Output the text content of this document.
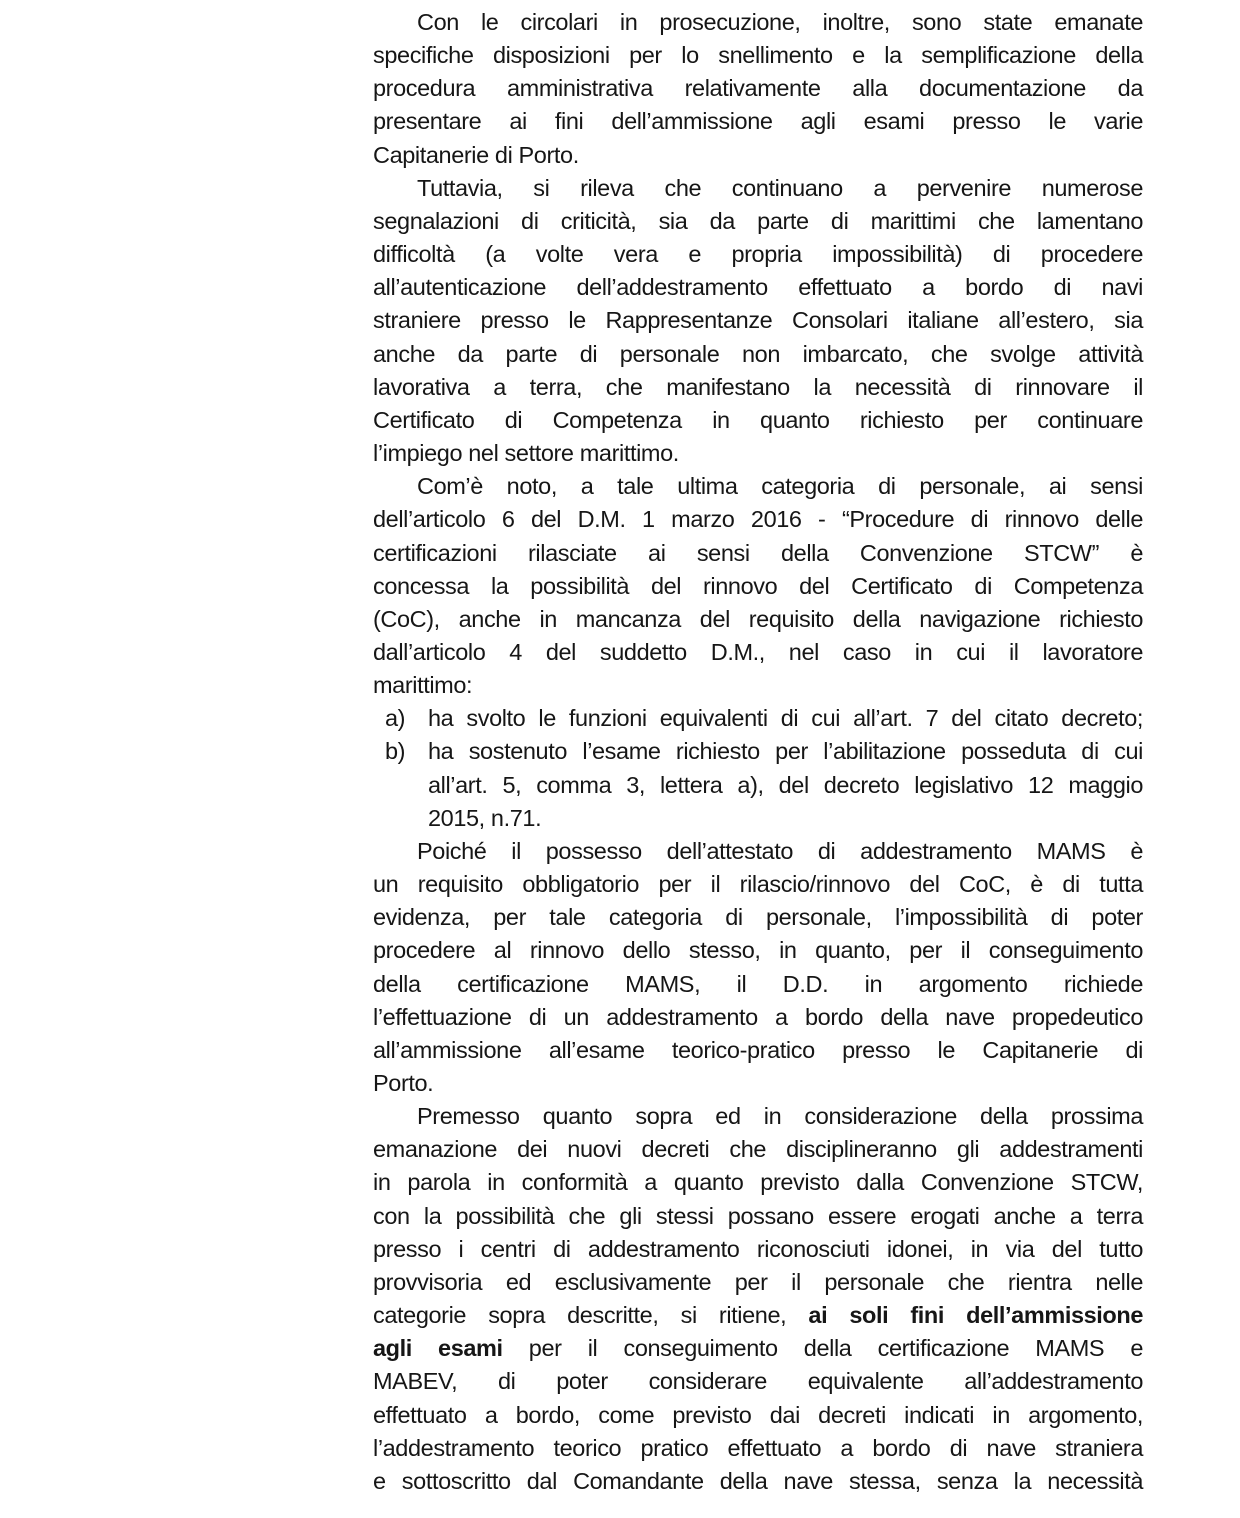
Con le circolari in prosecuzione, inoltre, sono state emanate
specifiche disposizioni per lo snellimento e la semplificazione della
procedura amministrativa relativamente alla documentazione da
presentare ai fini dell’ammissione agli esami presso le varie
Capitanerie di Porto.
Tuttavia, si rileva che continuano a pervenire numerose
segnalazioni di criticità, sia da parte di marittimi che lamentano
difficoltà (a volte vera e propria impossibilità) di procedere
all’autenticazione dell’addestramento effettuato a bordo di navi
straniere presso le Rappresentanze Consolari italiane all’estero, sia
anche da parte di personale non imbarcato, che svolge attività
lavorativa a terra, che manifestano la necessità di rinnovare il
Certificato di Competenza in quanto richiesto per continuare
l’impiego nel settore marittimo.
Com’è noto, a tale ultima categoria di personale, ai sensi
dell’articolo 6 del D.M. 1 marzo 2016 - “Procedure di rinnovo delle
certificazioni rilasciate ai sensi della Convenzione STCW” è
concessa la possibilità del rinnovo del Certificato di Competenza
(CoC), anche in mancanza del requisito della navigazione richiesto
dall’articolo 4 del suddetto D.M., nel caso in cui il lavoratore
marittimo:
a) ha svolto le funzioni equivalenti di cui all’art. 7 del citato decreto;
b) ha sostenuto l’esame richiesto per l’abilitazione posseduta di cui
all’art. 5, comma 3, lettera a), del decreto legislativo 12 maggio
2015, n.71.
Poiché il possesso dell’attestato di addestramento MAMS è
un requisito obbligatorio per il rilascio/rinnovo del CoC, è di tutta
evidenza, per tale categoria di personale, l’impossibilità di poter
procedere al rinnovo dello stesso, in quanto, per il conseguimento
della certificazione MAMS, il D.D. in argomento richiede
l’effettuazione di un addestramento a bordo della nave propedeutico
all’ammissione all’esame teorico-pratico presso le Capitanerie di
Porto.
Premesso quanto sopra ed in considerazione della prossima
emanazione dei nuovi decreti che disciplineranno gli addestramenti
in parola in conformità a quanto previsto dalla Convenzione STCW,
con la possibilità che gli stessi possano essere erogati anche a terra
presso i centri di addestramento riconosciuti idonei, in via del tutto
provvisoria ed esclusivamente per il personale che rientra nelle
categorie sopra descritte, si ritiene, ai soli fini dell’ammissione
agli esami per il conseguimento della certificazione MAMS e
MABEV, di poter considerare equivalente all’addestramento
effettuato a bordo, come previsto dai decreti indicati in argomento,
l’addestramento teorico pratico effettuato a bordo di nave straniera
e sottoscritto dal Comandante della nave stessa, senza la necessità
